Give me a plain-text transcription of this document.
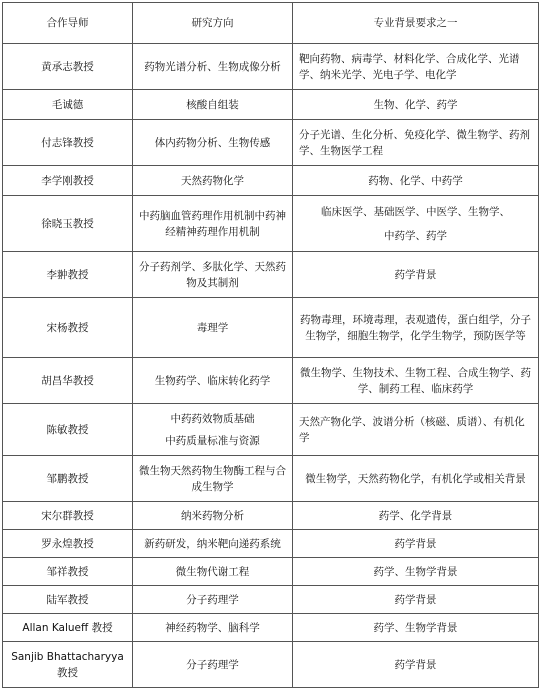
合作导师	研究方向	专业背景要求之一
黄承志教授	药物光谱分析、生物成像分析	靶向药物、病毒学、材料化学、合成化学、光谱学、纳米光学、光电子学、电化学

毛诚德	核酸自组装	生物、化学、药学

付志锋教授	体内药物分析、生物传感	分子光谱、生化分析、免疫化学、微生物学、药剂学、生物医学工程

李学刚教授	天然药物化学	药物、化学、中药学

徐晓玉教授	中药脑血管药理作用机制中药神经精神药理作用机制	临床医学、基础医学、中医学、生物学、
中药学、药学

李翀教授	分子药剂学、多肽化学、天然药物及其制剂	药学背景

宋杨教授	毒理学	药物毒理，环境毒理，表观遗传，蛋白组学，分子生物学，细胞生物学，化学生物学，预防医学等

胡昌华教授	生物药学、临床转化药学	微生物学、生物技术、生物工程、合成生物学、药学、制药工程、临床药学

陈敏教授	中药药效物质基础
中药质量标准与资源	天然产物化学、波谱分析（核磁、质谱）、有机化学

邹鹏教授	微生物天然药物生物酶工程与合成生物学	微生物学，天然药物化学，有机化学或相关背景

宋尔群教授	纳米药物分析	药学、化学背景

罗永煌教授	新药研发，纳米靶向递药系统	药学背景

邹祥教授	微生物代谢工程	药学、生物学背景

陆军教授	分子药理学	药学背景

Allan Kalueff 教授	神经药物学、脑科学	药学、生物学背景

Sanjib Bhattacharyya教授	分子药理学	药学背景
